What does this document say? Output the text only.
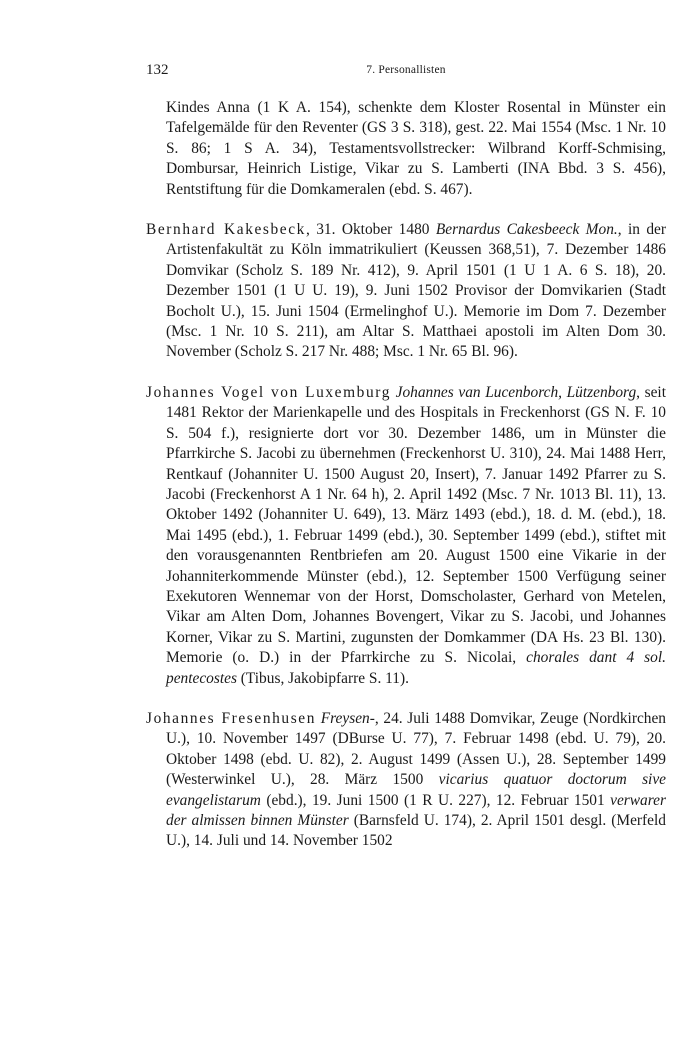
132	7. Personallisten

Kindes Anna (1 K A. 154), schenkte dem Kloster Rosental in Münster ein Tafelgemälde für den Reventer (GS 3 S. 318), gest. 22. Mai 1554 (Msc. 1 Nr. 10 S. 86; 1 S A. 34), Testamentsvollstrecker: Wilbrand Korff-Schmising, Dombursar, Heinrich Listige, Vikar zu S. Lamberti (INA Bbd. 3 S. 456), Rentstiftung für die Domkameralen (ebd. S. 467).

Bernhard Kakesbeck, 31. Oktober 1480 Bernardus Cakesbeeck Mon., in der Artistenfakultät zu Köln immatrikuliert (Keussen 368,51), 7. Dezember 1486 Domvikar (Scholz S. 189 Nr. 412), 9. April 1501 (1 U 1 A. 6 S. 18), 20. Dezember 1501 (1 U U. 19), 9. Juni 1502 Provisor der Domvikarien (Stadt Bocholt U.), 15. Juni 1504 (Ermelinghof U.). Memorie im Dom 7. Dezember (Msc. 1 Nr. 10 S. 211), am Altar S. Matthaei apostoli im Alten Dom 30. November (Scholz S. 217 Nr. 488; Msc. 1 Nr. 65 Bl. 96).

Johannes Vogel von Luxemburg Johannes van Lucenborch, Lützenborg, seit 1481 Rektor der Marienkapelle und des Hospitals in Freckenhorst (GS N. F. 10 S. 504 f.), resignierte dort vor 30. Dezember 1486, um in Münster die Pfarrkirche S. Jacobi zu übernehmen (Freckenhorst U. 310), 24. Mai 1488 Herr, Rentkauf (Johanniter U. 1500 August 20, Insert), 7. Januar 1492 Pfarrer zu S. Jacobi (Freckenhorst A 1 Nr. 64 h), 2. April 1492 (Msc. 7 Nr. 1013 Bl. 11), 13. Oktober 1492 (Johanniter U. 649), 13. März 1493 (ebd.), 18. d. M. (ebd.), 18. Mai 1495 (ebd.), 1. Februar 1499 (ebd.), 30. September 1499 (ebd.), stiftet mit den vorausgenannten Rentbriefen am 20. August 1500 eine Vikarie in der Johanniterkommende Münster (ebd.), 12. September 1500 Verfügung seiner Exekutoren Wennemar von der Horst, Domscholaster, Gerhard von Metelen, Vikar am Alten Dom, Johannes Bovengert, Vikar zu S. Jacobi, und Johannes Korner, Vikar zu S. Martini, zugunsten der Domkammer (DA Hs. 23 Bl. 130). Memorie (o. D.) in der Pfarrkirche zu S. Nicolai, chorales dant 4 sol. pentecostes (Tibus, Jakobipfarre S. 11).

Johannes Fresenhusen Freysen-, 24. Juli 1488 Domvikar, Zeuge (Nordkirchen U.), 10. November 1497 (DBurse U. 77), 7. Februar 1498 (ebd. U. 79), 20. Oktober 1498 (ebd. U. 82), 2. August 1499 (Assen U.), 28. September 1499 (Westerwinkel U.), 28. März 1500 vicarius quatuor doctorum sive evangelistarum (ebd.), 19. Juni 1500 (1 R U. 227), 12. Februar 1501 verwarer der almissen binnen Münster (Barnsfeld U. 174), 2. April 1501 desgl. (Merfeld U.), 14. Juli und 14. November 1502
